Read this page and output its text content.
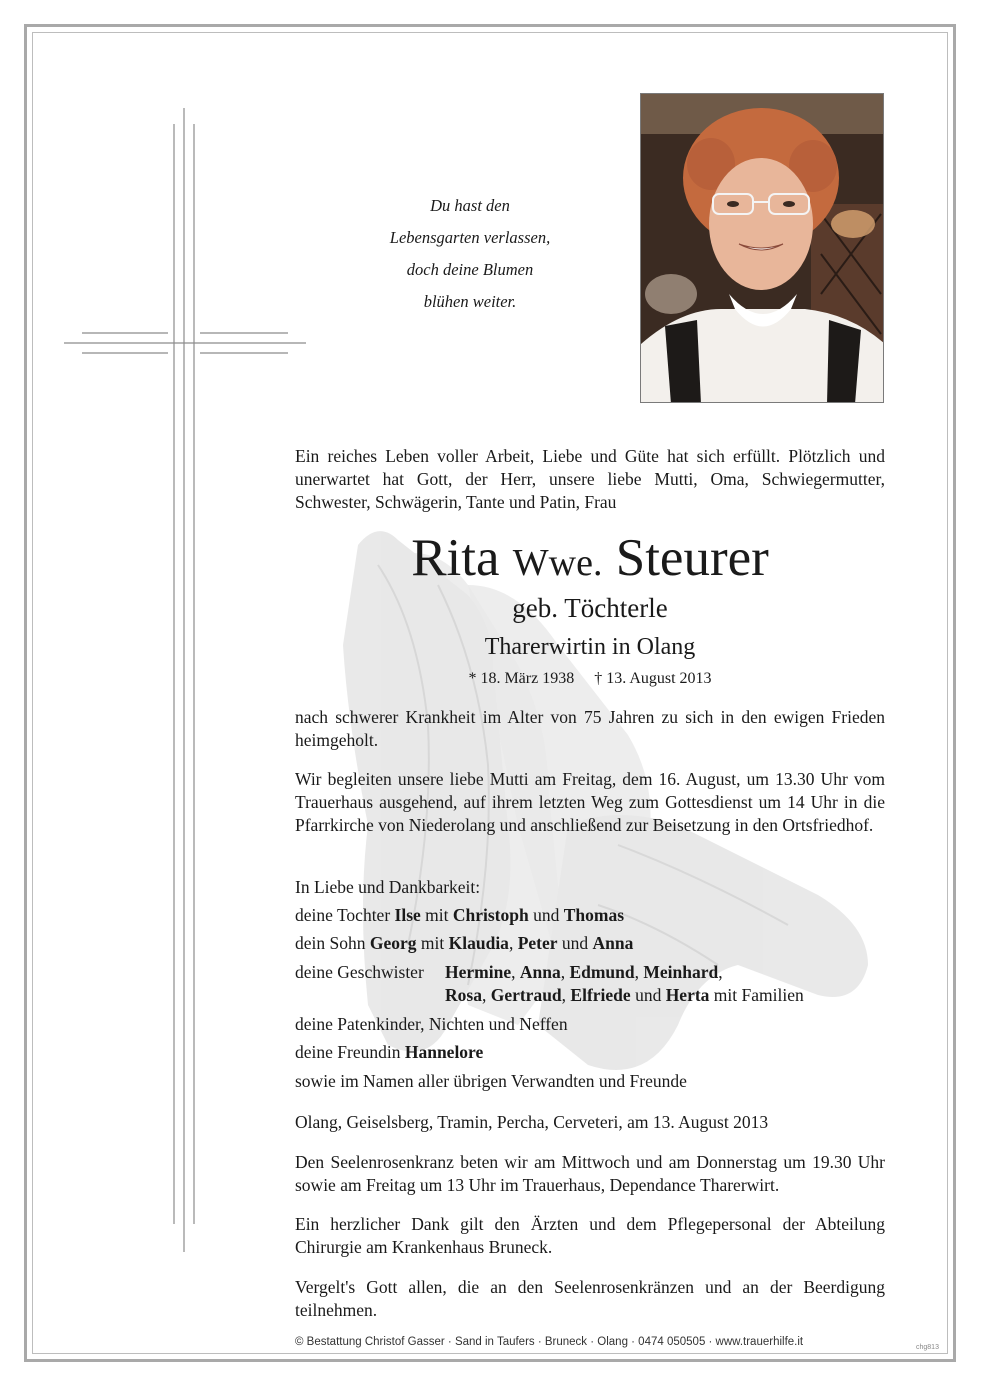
Du hast den
Lebensgarten verlassen,
doch deine Blumen
blühen weiter.
Ein reiches Leben voller Arbeit, Liebe und Güte hat sich erfüllt. Plötzlich und unerwartet hat Gott, der Herr, unsere liebe Mutti, Oma, Schwiegermutter, Schwester, Schwägerin, Tante und Patin, Frau
Rita Wwe. Steurer
geb. Töchterle
Tharerwirtin in Olang
* 18. März 1938 † 13. August 2013
nach schwerer Krankheit im Alter von 75 Jahren zu sich in den ewigen Frieden heimgeholt.
Wir begleiten unsere liebe Mutti am Freitag, dem 16. August, um 13.30 Uhr vom Trauerhaus ausgehend, auf ihrem letzten Weg zum Gottesdienst um 14 Uhr in die Pfarrkirche von Niederolang und anschließend zur Beisetzung in den Ortsfriedhof.
In Liebe und Dankbarkeit:
deine Tochter Ilse mit Christoph und Thomas
dein Sohn Georg mit Klaudia, Peter und Anna
deine Geschwister Hermine, Anna, Edmund, Meinhard,
Rosa, Gertraud, Elfriede und Herta mit Familien
deine Patenkinder, Nichten und Neffen
deine Freundin Hannelore
sowie im Namen aller übrigen Verwandten und Freunde
Olang, Geiselsberg, Tramin, Percha, Cerveteri, am 13. August 2013
Den Seelenrosenkranz beten wir am Mittwoch und am Donnerstag um 19.30 Uhr sowie am Freitag um 13 Uhr im Trauerhaus, Dependance Tharerwirt.
Ein herzlicher Dank gilt den Ärzten und dem Pflegepersonal der Abteilung Chirurgie am Krankenhaus Bruneck.
Vergelt's Gott allen, die an den Seelenrosenkränzen und an der Beerdigung teilnehmen.
© Bestattung Christof Gasser · Sand in Taufers · Bruneck · Olang · 0474 050505 · www.trauerhilfe.it	chg813
